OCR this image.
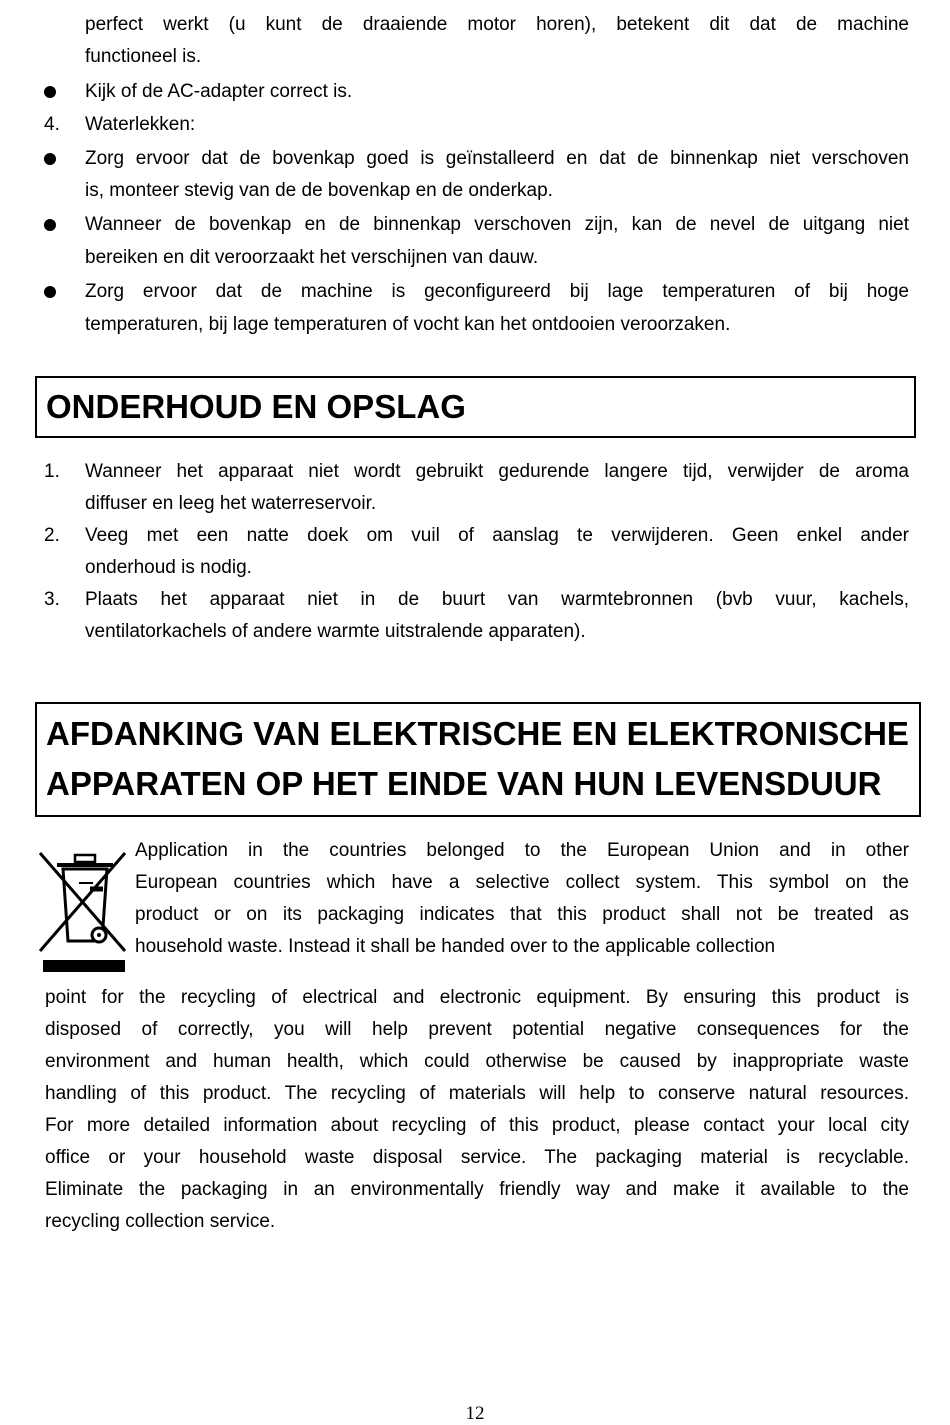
perfect werkt (u kunt de draaiende motor horen), betekent dit dat de machine
functioneel is.
Kijk of de AC-adapter correct is.
4. Waterlekken:
Zorg ervoor dat de bovenkap goed is geïnstalleerd en dat de binnenkap niet verschoven
is, monteer stevig van de de bovenkap en de onderkap.
Wanneer de bovenkap en de binnenkap verschoven zijn, kan de nevel de uitgang niet
bereiken en dit veroorzaakt het verschijnen van dauw.
Zorg ervoor dat de machine is geconfigureerd bij lage temperaturen of bij hoge
temperaturen, bij lage temperaturen of vocht kan het ontdooien veroorzaken.
ONDERHOUD EN OPSLAG
1. Wanneer het apparaat niet wordt gebruikt gedurende langere tijd, verwijder de aroma
diffuser en leeg het waterreservoir.
2. Veeg met een natte doek om vuil of aanslag te verwijderen. Geen enkel ander
onderhoud is nodig.
3. Plaats het apparaat niet in de buurt van warmtebronnen (bvb vuur, kachels,
ventilatorkachels of andere warmte uitstralende apparaten).
AFDANKING VAN ELEKTRISCHE EN ELEKTRONISCHE
APPARATEN OP HET EINDE VAN HUN LEVENSDUUR
Application in the countries belonged to the European Union and in other
European countries which have a selective collect system. This symbol on the
product or on its packaging indicates that this product shall not be treated as
household waste. Instead it shall be handed over to the applicable collection
point for the recycling of electrical and electronic equipment. By ensuring this product is
disposed of correctly, you will help prevent potential negative consequences for the
environment and human health, which could otherwise be caused by inappropriate waste
handling of this product. The recycling of materials will help to conserve natural resources.
For more detailed information about recycling of this product, please contact your local city
office or your household waste disposal service. The packaging material is recyclable.
Eliminate the packaging in an environmentally friendly way and make it available to the
recycling collection service.
12
